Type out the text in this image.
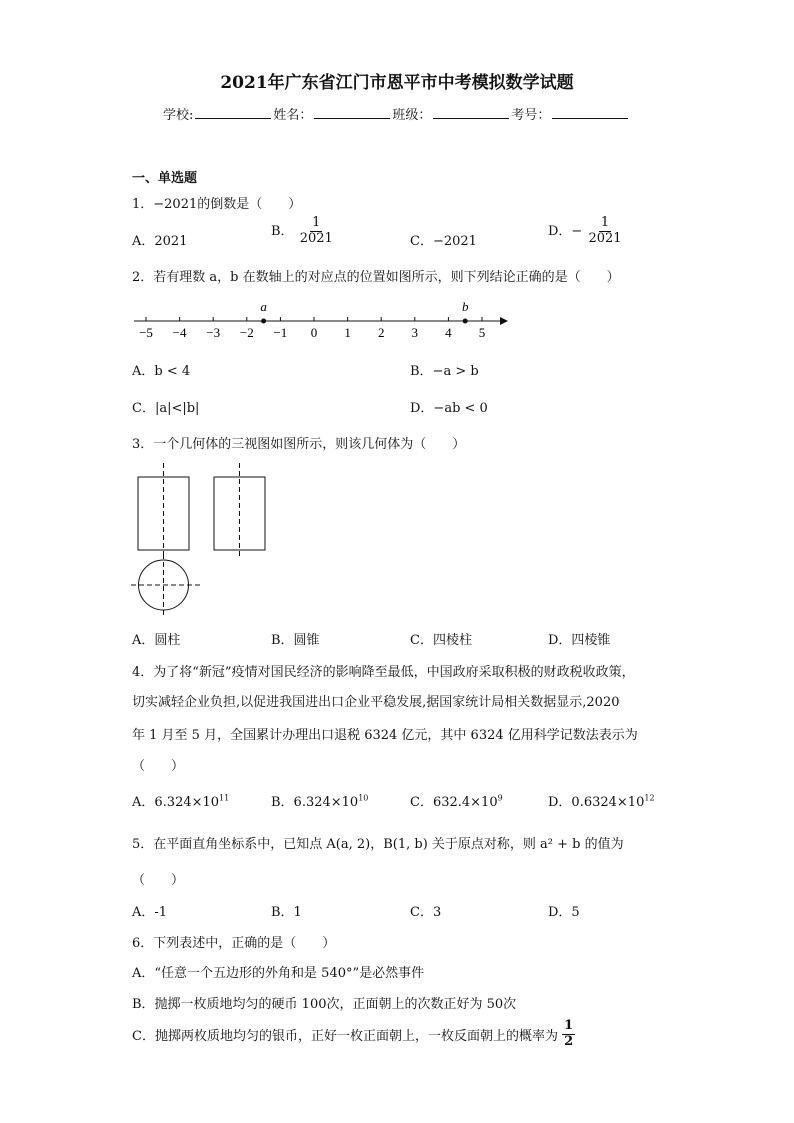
2021年广东省江门市恩平市中考模拟数学试题
学校:	姓名：	班级：	考号：
一、单选题
1．−2021的倒数是（　　）
A．2021
B． $\frac{1}{2021}$	C．−2021
D．− $\frac{1}{2021}$
2．若有理数 a，b 在数轴上的对应点的位置如图所示，则下列结论正确的是（　　）
−5 −4 −3 −2 −1 0 1 2 3 4 5
a	b
A．b < 4	B．−a > b
C．|a|<|b|	D．−ab < 0
3．一个几何体的三视图如图所示，则该几何体为（　　）
A．圆柱	B．圆锥	C．四棱柱	D．四棱锥
4．为了将“新冠”疫情对国民经济的影响降至最低，中国政府采取积极的财政税收政策，
切实减轻企业负担,以促进我国进出口企业平稳发展,据国家统计局相关数据显示,2020
年 1 月至 5 月，全国累计办理出口退税 6324 亿元，其中 6324 亿用科学记数法表示为
（　　）
A．$6.324\times 10^{11}$	B．$6.324\times 10^{10}$	C．$632.4\times 10^9$	D．$0.6324\times 10^{12}$
5．在平面直角坐标系中，已知点 A(a, 2)，B(1, b) 关于原点对称，则 a² + b 的值为
（　　）
A．-1	B．1	C．3	D．5
6．下列表述中，正确的是（　　）
A．“任意一个五边形的外角和是 540°”是必然事件
B．抛掷一枚质地均匀的硬币 100次，正面朝上的次数正好为 50次
C．抛掷两枚质地均匀的银币，正好一枚正面朝上，一枚反面朝上的概率为 $\frac{1}{2}$
